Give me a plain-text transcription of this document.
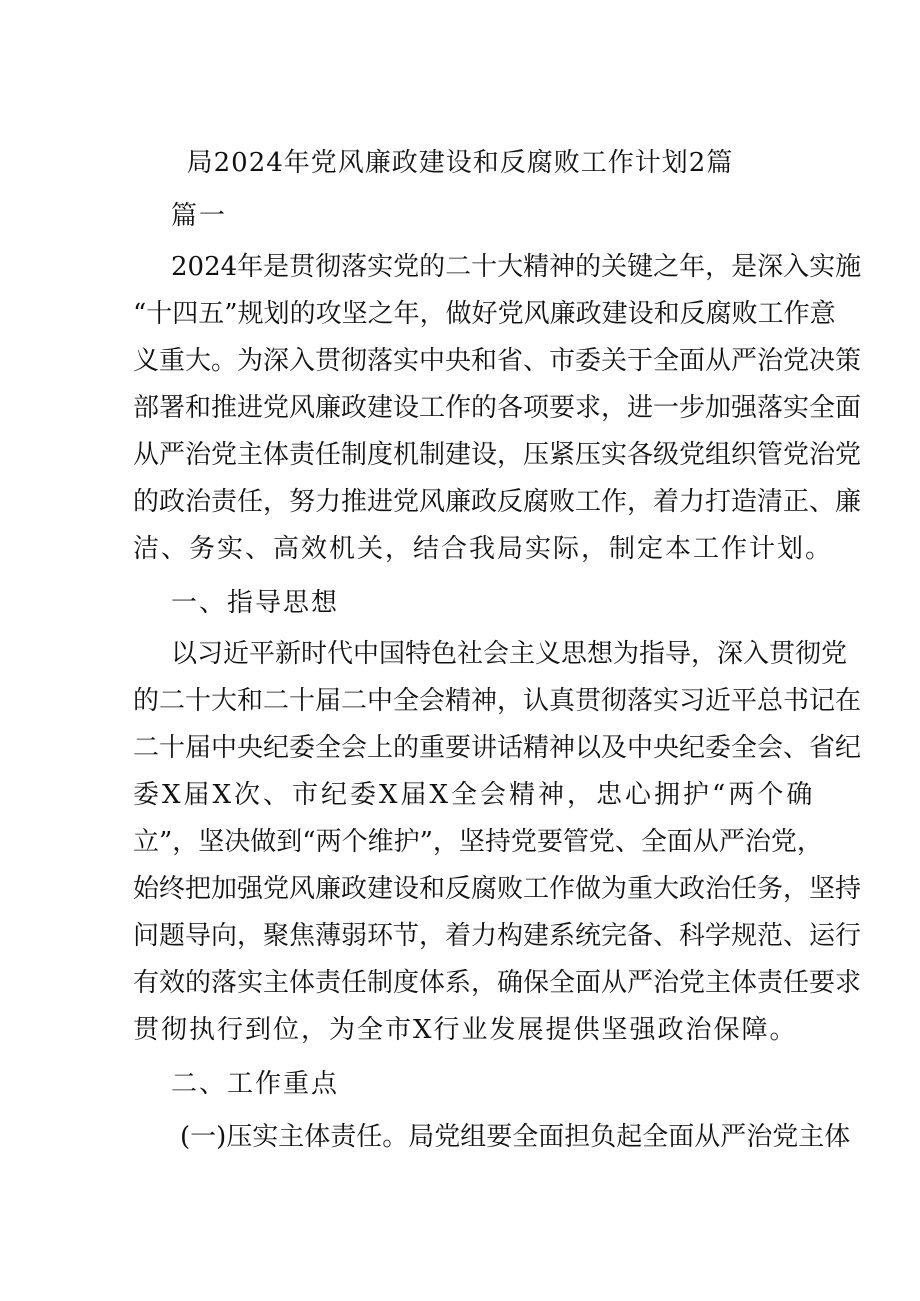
局2024年党风廉政建设和反腐败工作计划2篇
篇一
2024年是贯彻落实党的二十大精神的关键之年，是深入实施
“十四五”规划的攻坚之年，做好党风廉政建设和反腐败工作意
义重大。为深入贯彻落实中央和省、市委关于全面从严治党决策
部署和推进党风廉政建设工作的各项要求，进一步加强落实全面
从严治党主体责任制度机制建设，压紧压实各级党组织管党治党
的政治责任，努力推进党风廉政反腐败工作，着力打造清正、廉
洁、务实、高效机关，结合我局实际，制定本工作计划。
一、指导思想
以习近平新时代中国特色社会主义思想为指导，深入贯彻党
的二十大和二十届二中全会精神，认真贯彻落实习近平总书记在
二十届中央纪委全会上的重要讲话精神以及中央纪委全会、省纪
委X届X次、市纪委X届X全会精神，忠心拥护“两个确
立”，坚决做到“两个维护”，坚持党要管党、全面从严治党，
始终把加强党风廉政建设和反腐败工作做为重大政治任务，坚持
问题导向，聚焦薄弱环节，着力构建系统完备、科学规范、运行
有效的落实主体责任制度体系，确保全面从严治党主体责任要求
贯彻执行到位，为全市X行业发展提供坚强政治保障。
二、工作重点
(一)压实主体责任。局党组要全面担负起全面从严治党主体
